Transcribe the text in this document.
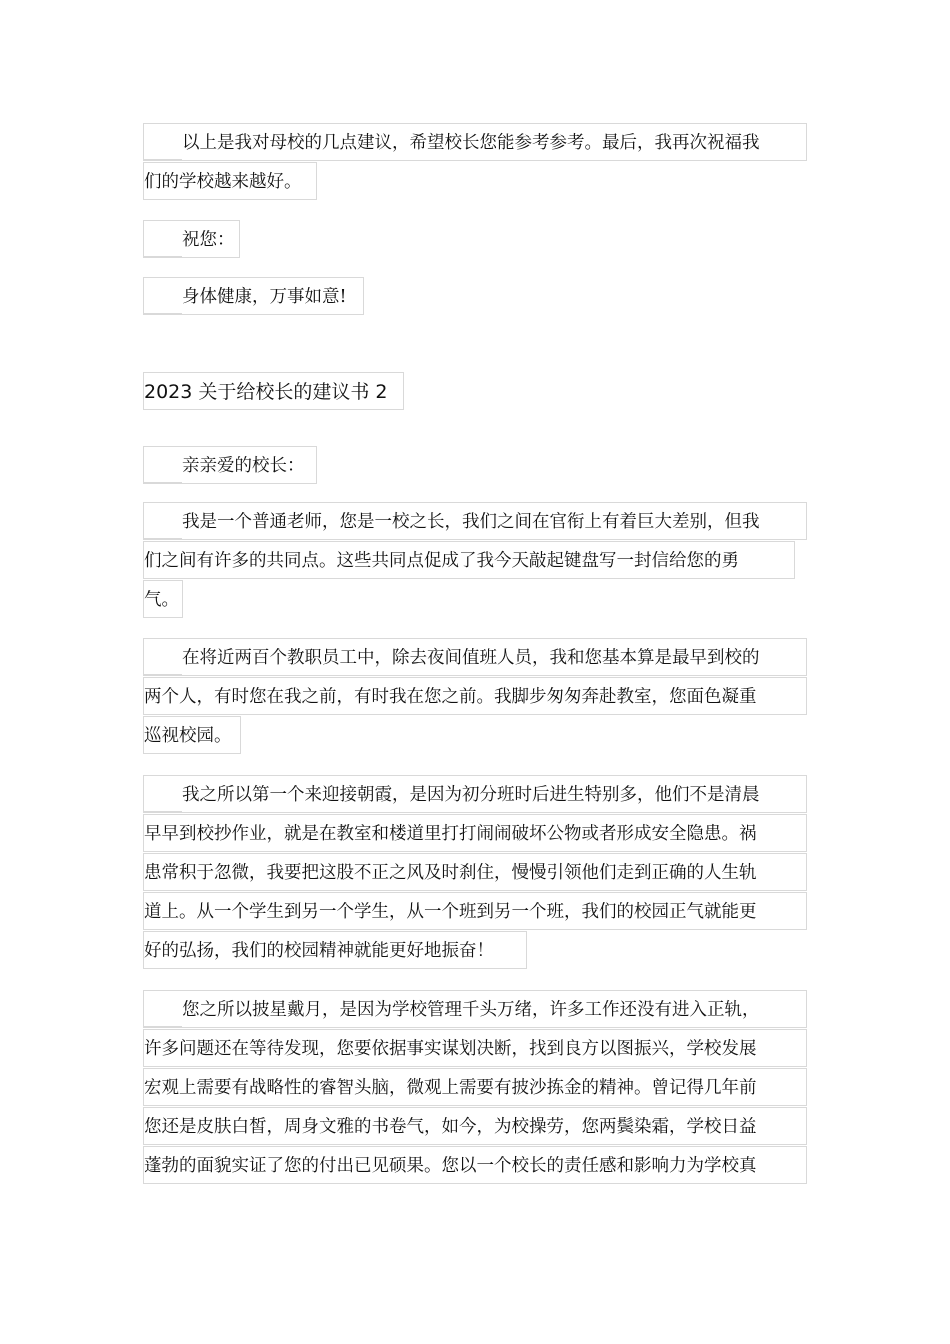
以上是我对母校的几点建议，希望校长您能参考参考。最后，我再次祝福我
们的学校越来越好。
祝您：
身体健康，万事如意!
2023 关于给校长的建议书 2
亲亲爱的校长：
我是一个普通老师，您是一校之长，我们之间在官衔上有着巨大差别，但我
们之间有许多的共同点。这些共同点促成了我今天敲起键盘写一封信给您的勇
气。
在将近两百个教职员工中，除去夜间值班人员，我和您基本算是最早到校的
两个人，有时您在我之前，有时我在您之前。我脚步匆匆奔赴教室，您面色凝重
巡视校园。
我之所以第一个来迎接朝霞，是因为初分班时后进生特别多，他们不是清晨
早早到校抄作业，就是在教室和楼道里打打闹闹破坏公物或者形成安全隐患。祸
患常积于忽微，我要把这股不正之风及时刹住，慢慢引领他们走到正确的人生轨
道上。从一个学生到另一个学生，从一个班到另一个班，我们的校园正气就能更
好的弘扬，我们的校园精神就能更好地振奋！
您之所以披星戴月，是因为学校管理千头万绪，许多工作还没有进入正轨，
许多问题还在等待发现，您要依据事实谋划决断，找到良方以图振兴，学校发展
宏观上需要有战略性的睿智头脑，微观上需要有披沙拣金的精神。曾记得几年前
您还是皮肤白皙，周身文雅的书卷气，如今，为校操劳，您两鬓染霜，学校日益
蓬勃的面貌实证了您的付出已见硕果。您以一个校长的责任感和影响力为学校真
